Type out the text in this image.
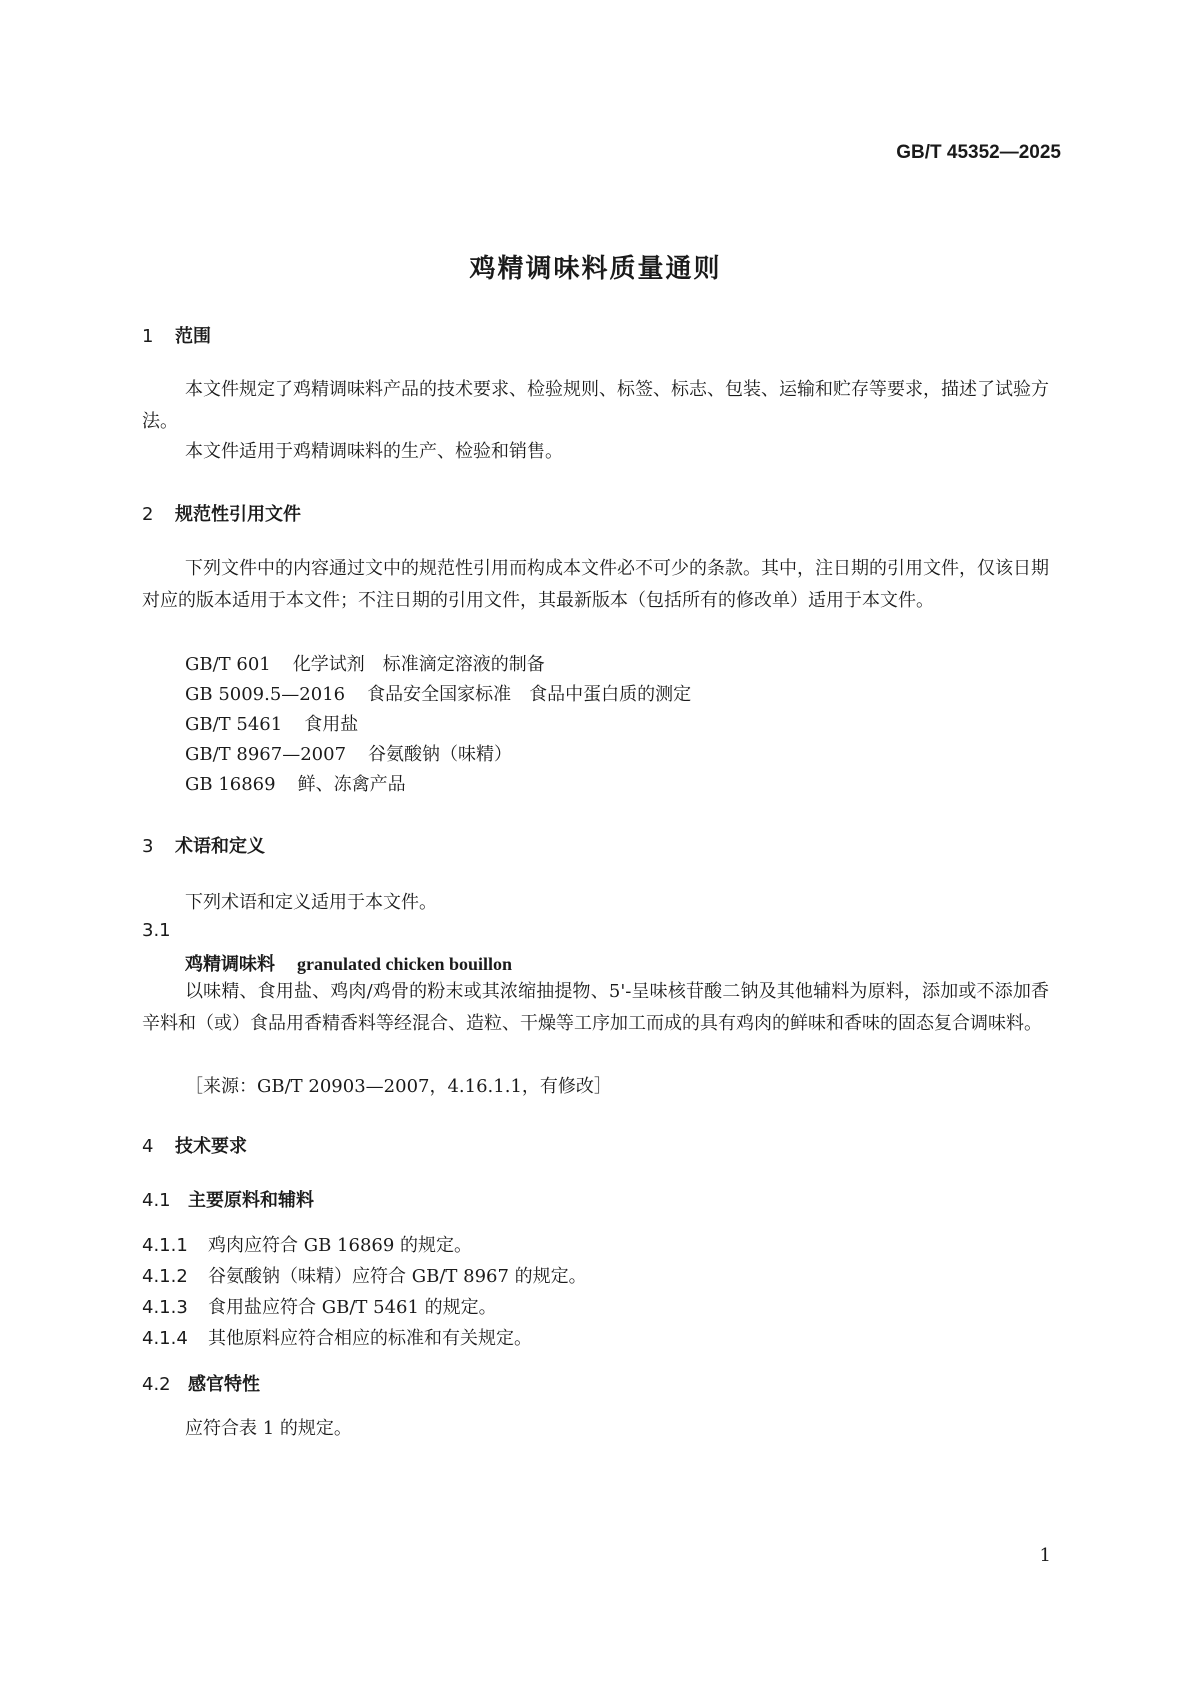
GB/T 45352—2025
鸡精调味料质量通则
1 范围
本文件规定了鸡精调味料产品的技术要求、检验规则、标签、标志、包装、运输和贮存等要求，描述了试验方法。
本文件适用于鸡精调味料的生产、检验和销售。
2 规范性引用文件
下列文件中的内容通过文中的规范性引用而构成本文件必不可少的条款。其中，注日期的引用文件，仅该日期对应的版本适用于本文件；不注日期的引用文件，其最新版本（包括所有的修改单）适用于本文件。
GB/T 601 化学试剂　标准滴定溶液的制备
GB 5009.5—2016 食品安全国家标准　食品中蛋白质的测定
GB/T 5461 食用盐
GB/T 8967—2007 谷氨酸钠（味精）
GB 16869 鲜、冻禽产品
3 术语和定义
下列术语和定义适用于本文件。
3.1
鸡精调味料 granulated chicken bouillon
以味精、食用盐、鸡肉/鸡骨的粉末或其浓缩抽提物、5'-呈味核苷酸二钠及其他辅料为原料，添加或不添加香辛料和（或）食品用香精香料等经混合、造粒、干燥等工序加工而成的具有鸡肉的鲜味和香味的固态复合调味料。
［来源：GB/T 20903—2007，4.16.1.1，有修改］
4 技术要求
4.1 主要原料和辅料
4.1.1 鸡肉应符合 GB 16869 的规定。
4.1.2 谷氨酸钠（味精）应符合 GB/T 8967 的规定。
4.1.3 食用盐应符合 GB/T 5461 的规定。
4.1.4 其他原料应符合相应的标准和有关规定。
4.2 感官特性
应符合表 1 的规定。
1
